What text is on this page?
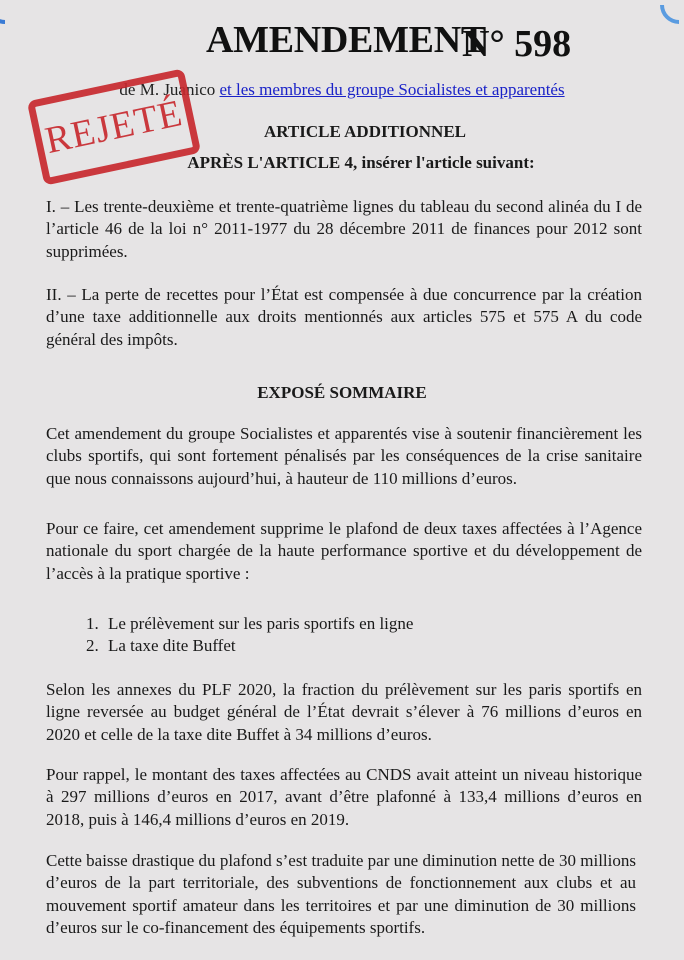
AMENDEMENT
N° 598
de M. Juanico et les membres du groupe Socialistes et apparentés
ARTICLE ADDITIONNEL
APRÈS L'ARTICLE 4, insérer l'article suivant:

I. – Les trente-deuxième et trente-quatrième lignes du tableau du second alinéa du I de l’article 46 de la loi n° 2011-1977 du 28 décembre 2011 de finances pour 2012 sont supprimées.

II. – La perte de recettes pour l’État est compensée à due concurrence par la création d’une taxe additionnelle aux droits mentionnés aux articles 575 et 575 A du code général des impôts.

EXPOSÉ SOMMAIRE

Cet amendement du groupe Socialistes et apparentés vise à soutenir financièrement les clubs sportifs, qui sont fortement pénalisés par les conséquences de la crise sanitaire que nous connaissons aujourd’hui, à hauteur de 110 millions d’euros.

Pour ce faire, cet amendement supprime le plafond de deux taxes affectées à l’Agence nationale du sport chargée de la haute performance sportive et du développement de l’accès à la pratique sportive :

1. Le prélèvement sur les paris sportifs en ligne
2. La taxe dite Buffet

Selon les annexes du PLF 2020, la fraction du prélèvement sur les paris sportifs en ligne reversée au budget général de l’État devrait s’élever à 76 millions d’euros en 2020 et celle de la taxe dite Buffet à 34 millions d’euros.

Pour rappel, le montant des taxes affectées au CNDS avait atteint un niveau historique à 297 millions d’euros en 2017, avant d’être plafonné à 133,4 millions d’euros en 2018, puis à 146,4 millions d’euros en 2019.

Cette baisse drastique du plafond s’est traduite par une diminution nette de 30 millions d’euros de la part territoriale, des subventions de fonctionnement aux clubs et au mouvement sportif amateur dans les territoires et par une diminution de 30 millions d’euros sur le co-financement des équipements sportifs.

REJETÉ
